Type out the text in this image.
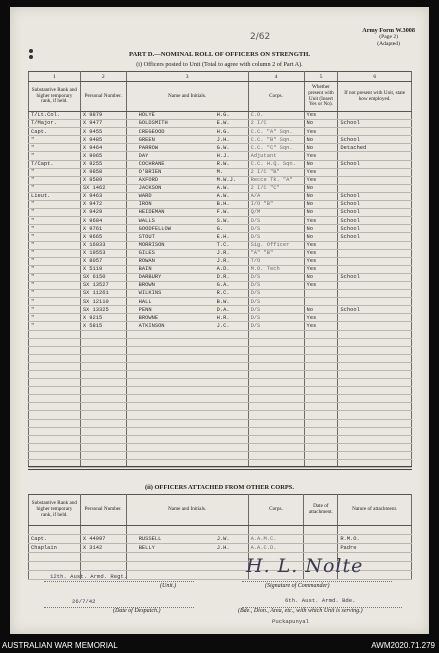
2/62
Army Form W.3008
(Page 2)
(Adapted)
PART D.—NOMINAL ROLL OF OFFICERS ON STRENGTH.
(i) Officers posted to Unit (Total to agree with column 2 of Part A).
1	2	3	4	5	6
Substantive Rank and higher temporary rank, if held.	Personal Number.	Name and Initials.	Corps.	Whether present with Unit (Insert Yes or No).	If not present with Unit, state how employed.
T/Lt.Col.	X 9879	HOLYE H.G.	C.O.	Yes	
T/Major.	X 9477	GOLDSMITH E.W.	2 I/C	No	School
Capt.	X 9455	CREGEOOD H.G.	C.C. "A" Sqn.	Yes	
"	X 9485	GREEN J.H.	C.C. "B" Sqn.	No	School
"	X 9464	PARROW G.W.	C.C. "C" Sqn.	No	Detached
"	X 9065	DAY H.J.	Adjutant	Yes	
T/Capt.	X 9255	COCHRANE R.W.	C.C. H.Q. Sqn.	No	School
"	X 9858	O'BRIEN M.	2 I/C "B"	Yes	
"	X 9589	AXFORD M.W.J.	Recce Tk. "A"	Yes	
"	SX 1462	JACKSON A.W.	2 I/C "C"	No	
Lieut.	X 9463	WARD A.W.	A/A	No	School
"	X 9472	IRON B.H.	I/O "B"	No	School
"	X 9429	HEIDEMAN F.W.	Q/M	No	School
"	X 9684	WALLS S.W.	D/S	Yes	School
"	X 9761	GOODFELLOW G.	D/S	No	School
"	X 9665	STOUT E.H.	D/S	No	School
"	X 16033	MORRISON T.C.	Sig. Officer	Yes	
"	X 19553	GILES J.R.	"A" "B"	Yes	
"	X 8057	ROWAN J.R.	T/O	Yes	
"	X 5119	BAIN A.D.	M.O. Tech	Yes	
"	SX 6150	DARBURY D.R.	D/S	No	School
"	SX 13527	BROWN G.A.	D/S	Yes	
"	SX 11261	WILKINS R.C.	D/S		
"	SX 12110	HALL B.W.	D/S		
"	SX 13325	PENN D.A.	D/S	No	School
"	X 9215	BROWNE H.R.	D/S	Yes	
"	X 5815	ATKINSON J.C.	D/S	Yes	

(ii) OFFICERS ATTACHED FROM OTHER CORPS.
Substantive Rank and higher temporary rank, if held.	Personal Number.	Name and Initials.	Corps.	Date of attachment.	Nature of attachment.

Capt.	X 44997	RUSSELL J.W.	A.A.M.C.		R.M.O.
Chaplain	X 3142	BELLY J.H.	A.A.C.D.		Padre

12th. Aust. Armd. Regt.
(Unit.)
H. L. Nolte
(Signature of Commander)
26/7/42
(Date of Despatch.)
6th. Aust. Armd. Bde.
(Bde., Dion., Area, etc., with which Unit is serving.)
Puckapunyal
AUSTRALIAN WAR MEMORIAL	AWM2020.71.279
